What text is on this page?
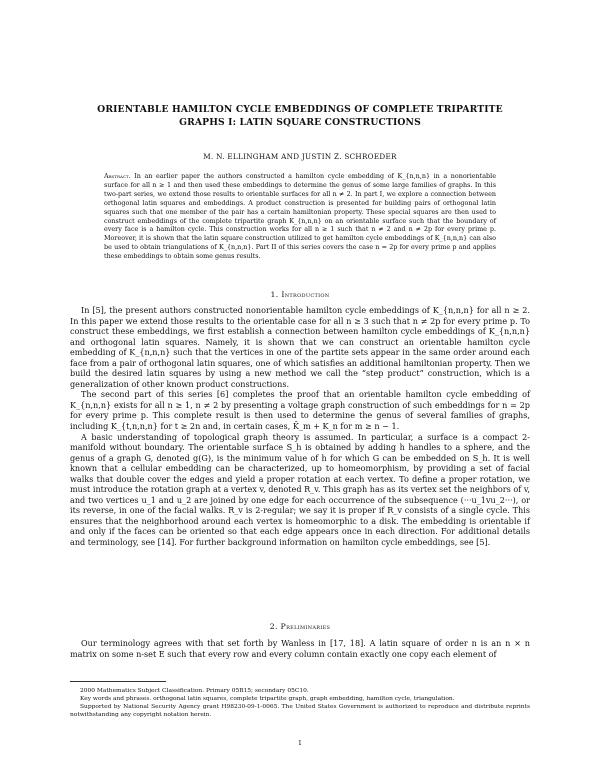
ORIENTABLE HAMILTON CYCLE EMBEDDINGS OF COMPLETE TRIPARTITE
GRAPHS I: LATIN SQUARE CONSTRUCTIONS
M. N. ELLINGHAM AND JUSTIN Z. SCHROEDER
Abstract. In an earlier paper the authors constructed a hamilton cycle embedding of K_{n,n,n} in a nonorientable surface for all n ≥ 1 and then used these embeddings to determine the genus of some large families of graphs. In this two-part series, we extend those results to orientable surfaces for all n ≠ 2. In part I, we explore a connection between orthogonal latin squares and embeddings. A product construction is presented for building pairs of orthogonal latin squares such that one member of the pair has a certain hamiltonian property. These special squares are then used to construct embeddings of the complete tripartite graph K_{n,n,n} on an orientable surface such that the boundary of every face is a hamilton cycle. This construction works for all n ≥ 1 such that n ≠ 2 and n ≠ 2p for every prime p. Moreover, it is shown that the latin square construction utilized to get hamilton cycle embeddings of K_{n,n,n} can also be used to obtain triangulations of K_{n,n,n}. Part II of this series covers the case n = 2p for every prime p and applies these embeddings to obtain some genus results.
1. Introduction

In [5], the present authors constructed nonorientable hamilton cycle embeddings of K_{n,n,n} for all n ≥ 2. In this paper we extend those results to the orientable case for all n ≥ 3 such that n ≠ 2p for every prime p. To construct these embeddings, we first establish a connection between hamilton cycle embeddings of K_{n,n,n} and orthogonal latin squares. Namely, it is shown that we can construct an orientable hamilton cycle embedding of K_{n,n,n} such that the vertices in one of the partite sets appear in the same order around each face from a pair of orthogonal latin squares, one of which satisfies an additional hamiltonian property. Then we build the desired latin squares by using a new method we call the “step product” construction, which is a generalization of other known product constructions.

The second part of this series [6] completes the proof that an orientable hamilton cycle embedding of K_{n,n,n} exists for all n ≥ 1, n ≠ 2 by presenting a voltage graph construction of such embeddings for n = 2p for every prime p. This complete result is then used to determine the genus of several families of graphs, including K_{t,n,n,n} for t ≥ 2n and, in certain cases, K̄_m + K_n for m ≥ n − 1.

A basic understanding of topological graph theory is assumed. In particular, a surface is a compact 2-manifold without boundary. The orientable surface S_h is obtained by adding h handles to a sphere, and the genus of a graph G, denoted g(G), is the minimum value of h for which G can be embedded on S_h. It is well known that a cellular embedding can be characterized, up to homeomorphism, by providing a set of facial walks that double cover the edges and yield a proper rotation at each vertex. To define a proper rotation, we must introduce the rotation graph at a vertex v, denoted R_v. This graph has as its vertex set the neighbors of v, and two vertices u_1 and u_2 are joined by one edge for each occurrence of the subsequence (···u_1vu_2···), or its reverse, in one of the facial walks. R_v is 2-regular; we say it is proper if R_v consists of a single cycle. This ensures that the neighborhood around each vertex is homeomorphic to a disk. The embedding is orientable if and only if the faces can be oriented so that each edge appears once in each direction. For additional details and terminology, see [14]. For further background information on hamilton cycle embeddings, see [5].

2. Preliminaries

Our terminology agrees with that set forth by Wanless in [17, 18]. A latin square of order n is an n × n matrix on some n-set E such that every row and every column contain exactly one copy each element of

2000 Mathematics Subject Classification. Primary 05B15; secondary 05C10.

Key words and phrases. orthogonal latin squares, complete tripartite graph, graph embedding, hamilton cycle, triangulation.

Supported by National Security Agency grant H98230-09-1-0065. The United States Government is authorized to reproduce and distribute reprints notwithstanding any copyright notation herein.

1
